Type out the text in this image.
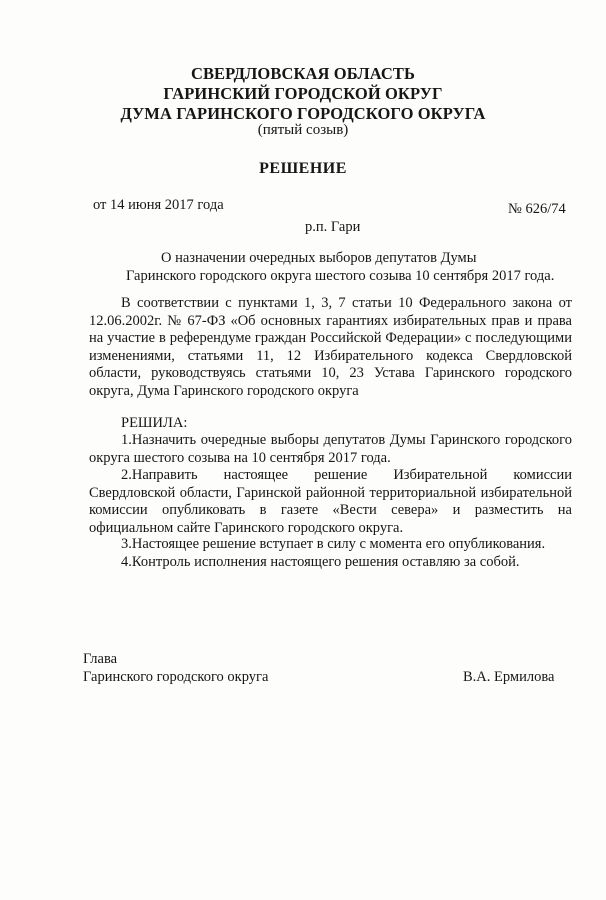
СВЕРДЛОВСКАЯ ОБЛАСТЬ
ГАРИНСКИЙ ГОРОДСКОЙ ОКРУГ
ДУМА ГАРИНСКОГО ГОРОДСКОГО ОКРУГА
(пятый созыв)
РЕШЕНИЕ
от 14 июня 2017 года	№ 626/74
р.п. Гари
О назначении очередных выборов депутатов Думы
Гаринского городского округа шестого созыва 10 сентября 2017 года.
В соответствии с пунктами 1, 3, 7 статьи 10 Федерального закона от 12.06.2002г. № 67-ФЗ «Об основных гарантиях избирательных прав и права на участие в референдуме граждан Российской Федерации» с последующими изменениями, статьями 11, 12 Избирательного кодекса Свердловской области, руководствуясь статьями 10, 23 Устава Гаринского городского округа, Дума Гаринского городского округа
РЕШИЛА:
1.Назначить очередные выборы депутатов Думы Гаринского городского округа шестого созыва на 10 сентября 2017 года.
2.Направить настоящее решение Избирательной комиссии Свердловской области, Гаринской районной территориальной избирательной комиссии опубликовать в газете «Вести севера» и разместить на официальном сайте Гаринского городского округа.
3.Настоящее решение вступает в силу с момента его опубликования.
4.Контроль исполнения настоящего решения оставляю за собой.
Глава
Гаринского городского округа	В.А. Ермилова
